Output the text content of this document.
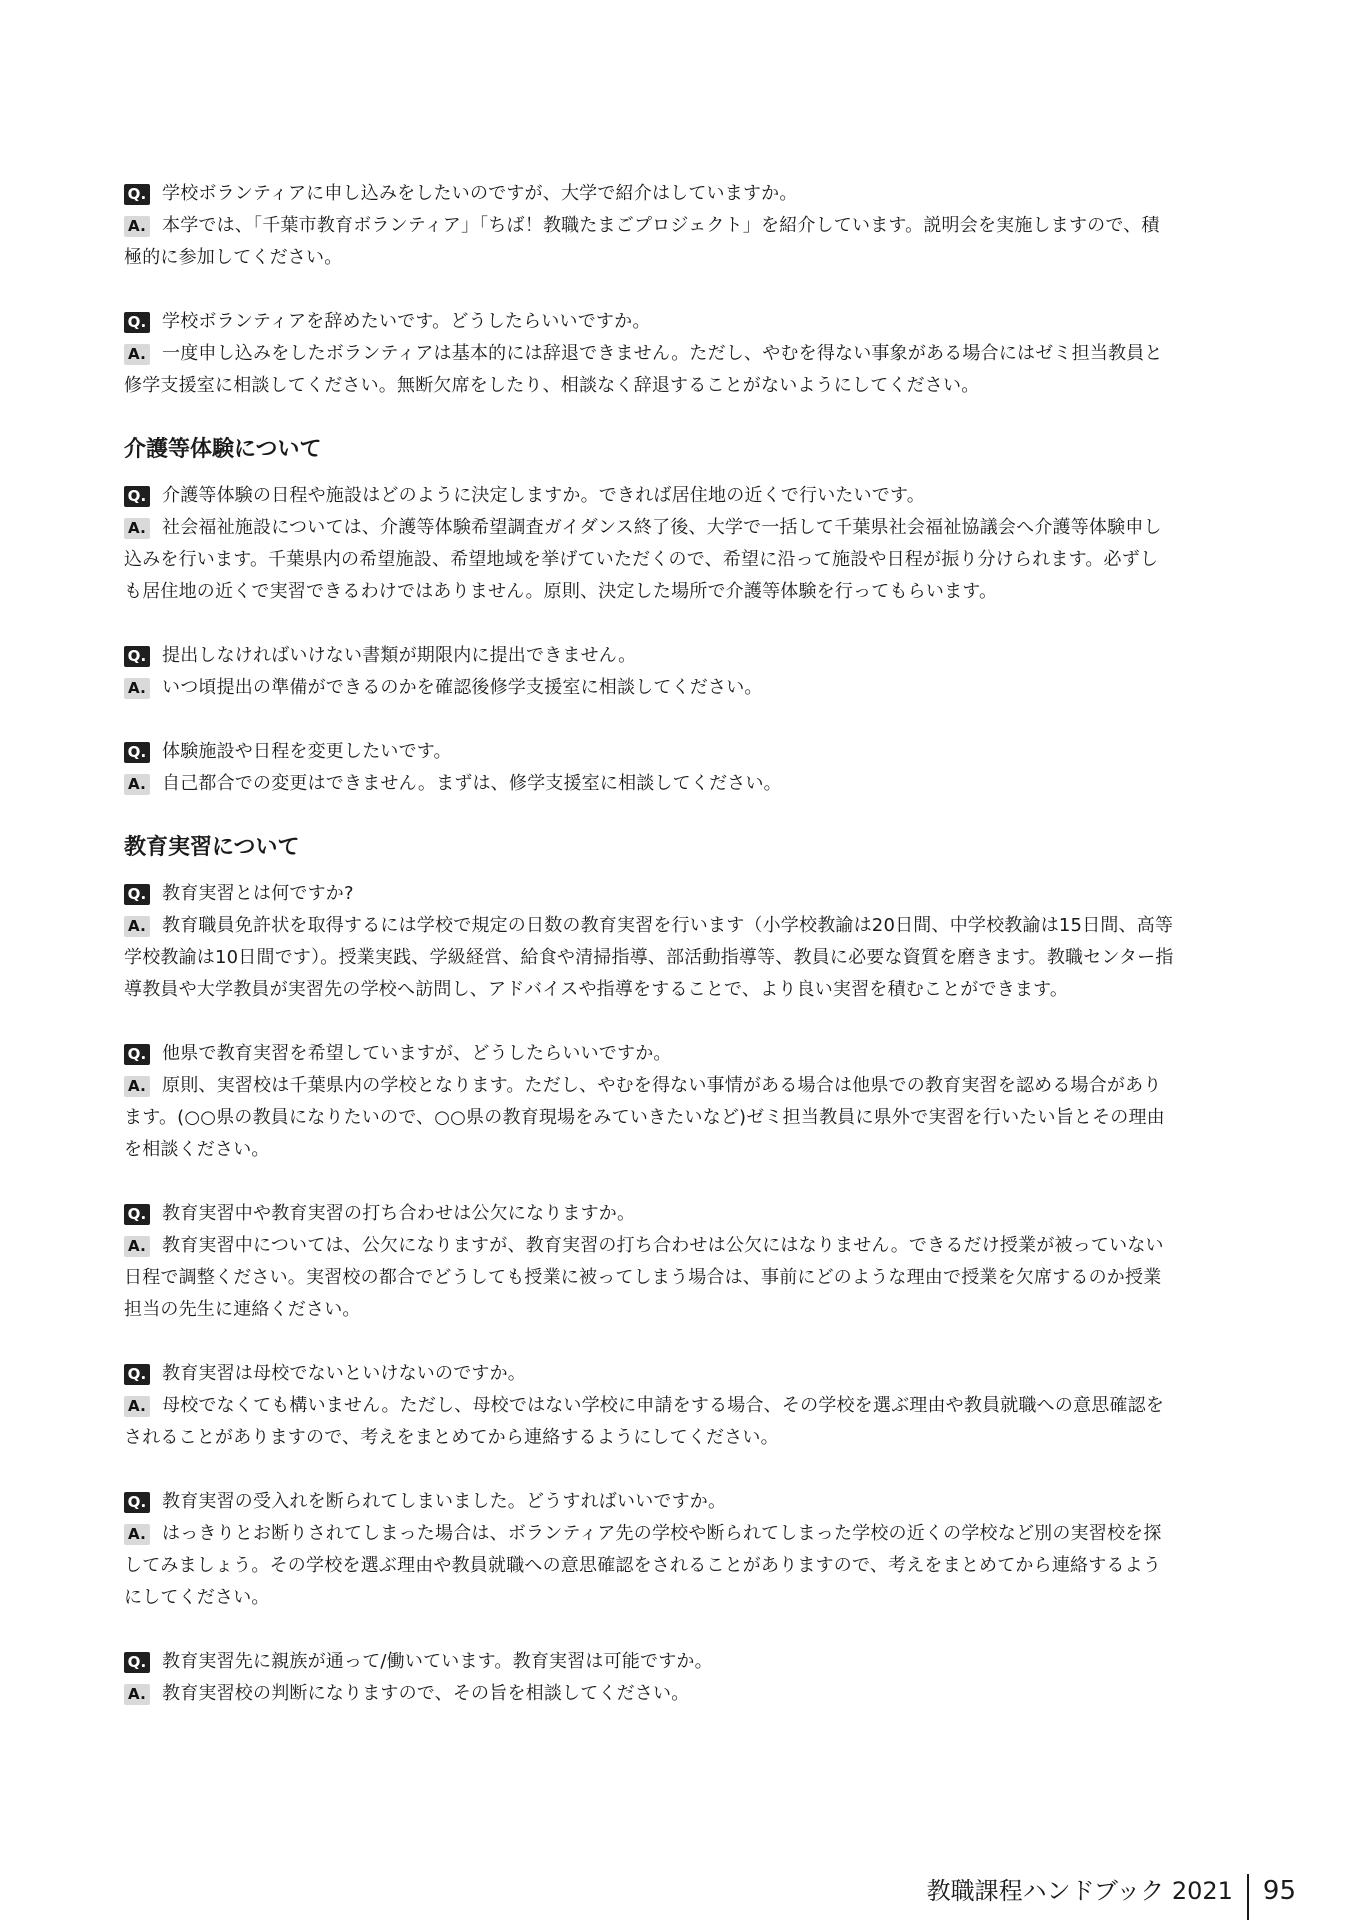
Q. 学校ボランティアに申し込みをしたいのですが、大学で紹介はしていますか。
A. 本学では、「千葉市教育ボランティア」「ちば！教職たまごプロジェクト」を紹介しています。説明会を実施しますので、積極的に参加してください。
Q. 学校ボランティアを辞めたいです。どうしたらいいですか。
A. 一度申し込みをしたボランティアは基本的には辞退できません。ただし、やむを得ない事象がある場合にはゼミ担当教員と修学支援室に相談してください。無断欠席をしたり、相談なく辞退することがないようにしてください。
介護等体験について
Q. 介護等体験の日程や施設はどのように決定しますか。できれば居住地の近くで行いたいです。
A. 社会福祉施設については、介護等体験希望調査ガイダンス終了後、大学で一括して千葉県社会福祉協議会へ介護等体験申し込みを行います。千葉県内の希望施設、希望地域を挙げていただくので、希望に沿って施設や日程が振り分けられます。必ずしも居住地の近くで実習できるわけではありません。原則、決定した場所で介護等体験を行ってもらいます。
Q. 提出しなければいけない書類が期限内に提出できません。
A. いつ頃提出の準備ができるのかを確認後修学支援室に相談してください。
Q. 体験施設や日程を変更したいです。
A. 自己都合での変更はできません。まずは、修学支援室に相談してください。
教育実習について
Q. 教育実習とは何ですか?
A. 教育職員免許状を取得するには学校で規定の日数の教育実習を行います（小学校教諭は20日間、中学校教諭は15日間、高等学校教諭は10日間です）。授業実践、学級経営、給食や清掃指導、部活動指導等、教員に必要な資質を磨きます。教職センター指導教員や大学教員が実習先の学校へ訪問し、アドバイスや指導をすることで、より良い実習を積むことができます。
Q. 他県で教育実習を希望していますが、どうしたらいいですか。
A. 原則、実習校は千葉県内の学校となります。ただし、やむを得ない事情がある場合は他県での教育実習を認める場合があります。(○○県の教員になりたいので、○○県の教育現場をみていきたいなど)ゼミ担当教員に県外で実習を行いたい旨とその理由を相談ください。
Q. 教育実習中や教育実習の打ち合わせは公欠になりますか。
A. 教育実習中については、公欠になりますが、教育実習の打ち合わせは公欠にはなりません。できるだけ授業が被っていない日程で調整ください。実習校の都合でどうしても授業に被ってしまう場合は、事前にどのような理由で授業を欠席するのか授業担当の先生に連絡ください。
Q. 教育実習は母校でないといけないのですか。
A. 母校でなくても構いません。ただし、母校ではない学校に申請をする場合、その学校を選ぶ理由や教員就職への意思確認をされることがありますので、考えをまとめてから連絡するようにしてください。
Q. 教育実習の受入れを断られてしまいました。どうすればいいですか。
A. はっきりとお断りされてしまった場合は、ボランティア先の学校や断られてしまった学校の近くの学校など別の実習校を探してみましょう。その学校を選ぶ理由や教員就職への意思確認をされることがありますので、考えをまとめてから連絡するようにしてください。
Q. 教育実習先に親族が通って/働いています。教育実習は可能ですか。
A. 教育実習校の判断になりますので、その旨を相談してください。
教職課程ハンドブック 2021 95
